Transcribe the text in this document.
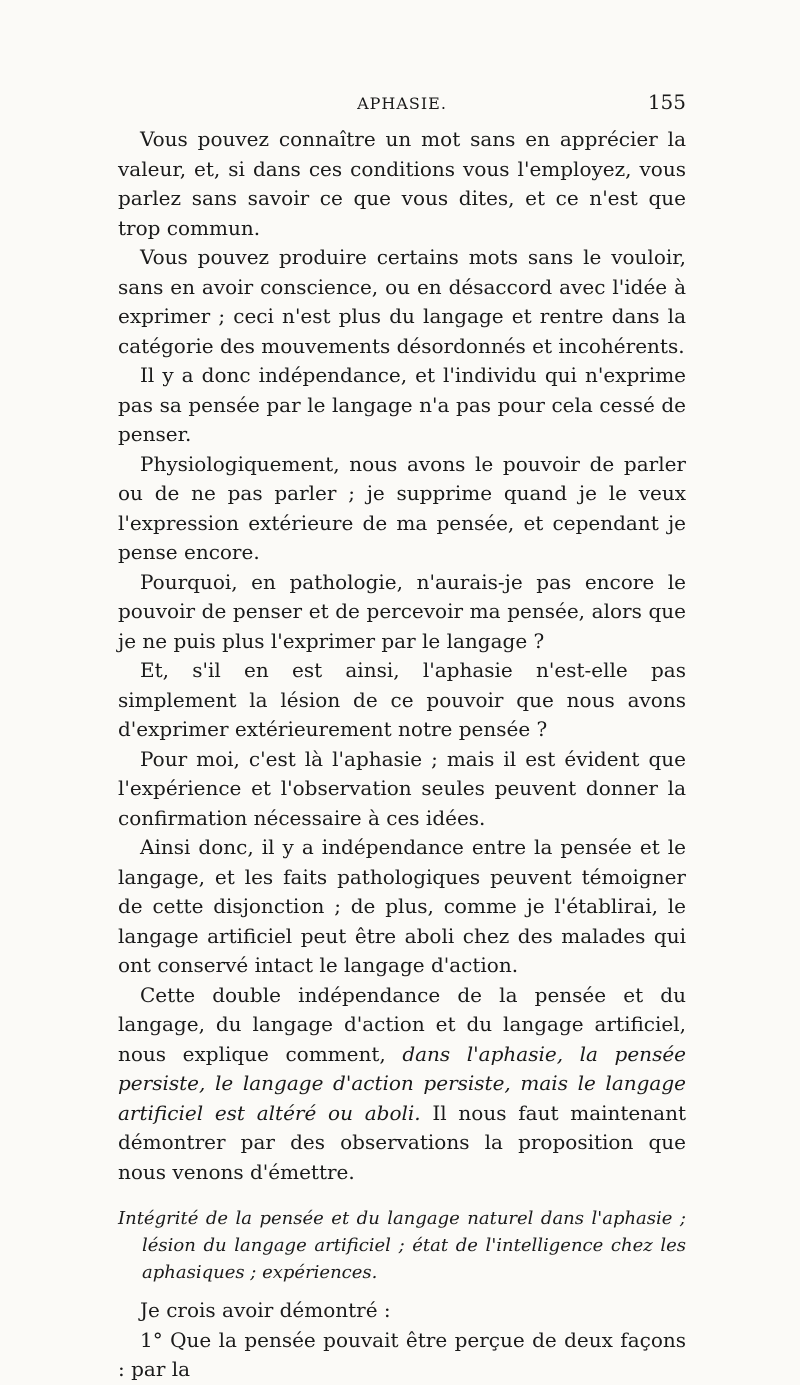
APHASIE.	155

Vous pouvez connaître un mot sans en apprécier la valeur, et, si dans ces conditions vous l'employez, vous parlez sans savoir ce que vous dites, et ce n'est que trop commun.

Vous pouvez produire certains mots sans le vouloir, sans en avoir conscience, ou en désaccord avec l'idée à exprimer ; ceci n'est plus du langage et rentre dans la catégorie des mouvements désordonnés et incohérents.

Il y a donc indépendance, et l'individu qui n'exprime pas sa pensée par le langage n'a pas pour cela cessé de penser.

Physiologiquement, nous avons le pouvoir de parler ou de ne pas parler ; je supprime quand je le veux l'expression extérieure de ma pensée, et cependant je pense encore.

Pourquoi, en pathologie, n'aurais-je pas encore le pouvoir de penser et de percevoir ma pensée, alors que je ne puis plus l'exprimer par le langage ?

Et, s'il en est ainsi, l'aphasie n'est-elle pas simplement la lésion de ce pouvoir que nous avons d'exprimer extérieurement notre pensée ?

Pour moi, c'est là l'aphasie ; mais il est évident que l'expérience et l'observation seules peuvent donner la confirmation nécessaire à ces idées.

Ainsi donc, il y a indépendance entre la pensée et le langage, et les faits pathologiques peuvent témoigner de cette disjonction ; de plus, comme je l'établirai, le langage artificiel peut être aboli chez des malades qui ont conservé intact le langage d'action.

Cette double indépendance de la pensée et du langage, du langage d'action et du langage artificiel, nous explique comment, dans l'aphasie, la pensée persiste, le langage d'action persiste, mais le langage artificiel est altéré ou aboli. Il nous faut maintenant démontrer par des observations la proposition que nous venons d'émettre.

Intégrité de la pensée et du langage naturel dans l'aphasie ; lésion du langage artificiel ; état de l'intelligence chez les aphasiques ; expériences.

Je crois avoir démontré :

1° Que la pensée pouvait être perçue de deux façons : par la
